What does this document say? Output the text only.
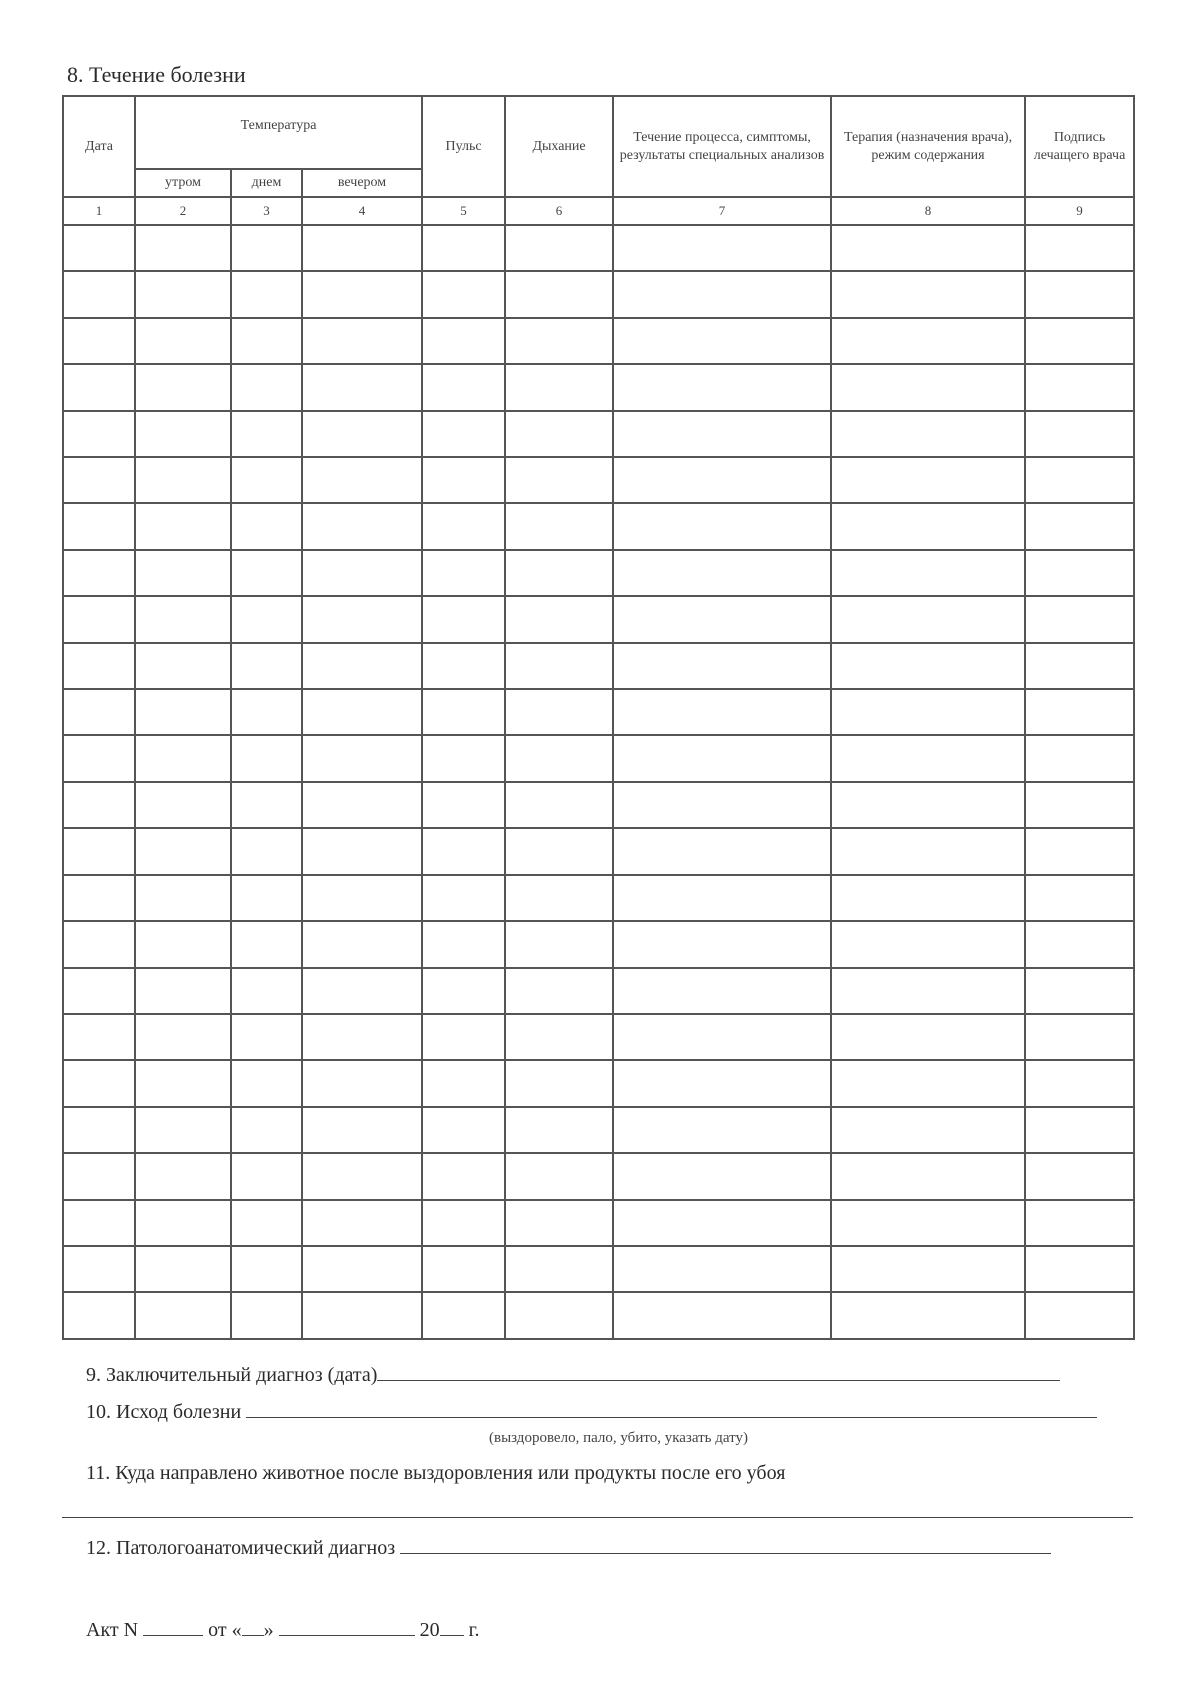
8. Течение болезни
Дата	Температура			Пульс	Дыхание	Течение процесса, симптомы, результаты специальных анализов	Терапия (назначения врача), режим содержания	Подпись лечащего врача
	утром	днем	вечером					
1	2	3	4	5	6	7	8	9

9. Заключительный диагноз (дата)
10. Исход болезни
(выздоровело, пало, убито, указать дату)
11. Куда направлено животное после выздоровления или продукты после его убоя
12. Патологоанатомический диагноз
Акт N	от « »	20 г.
